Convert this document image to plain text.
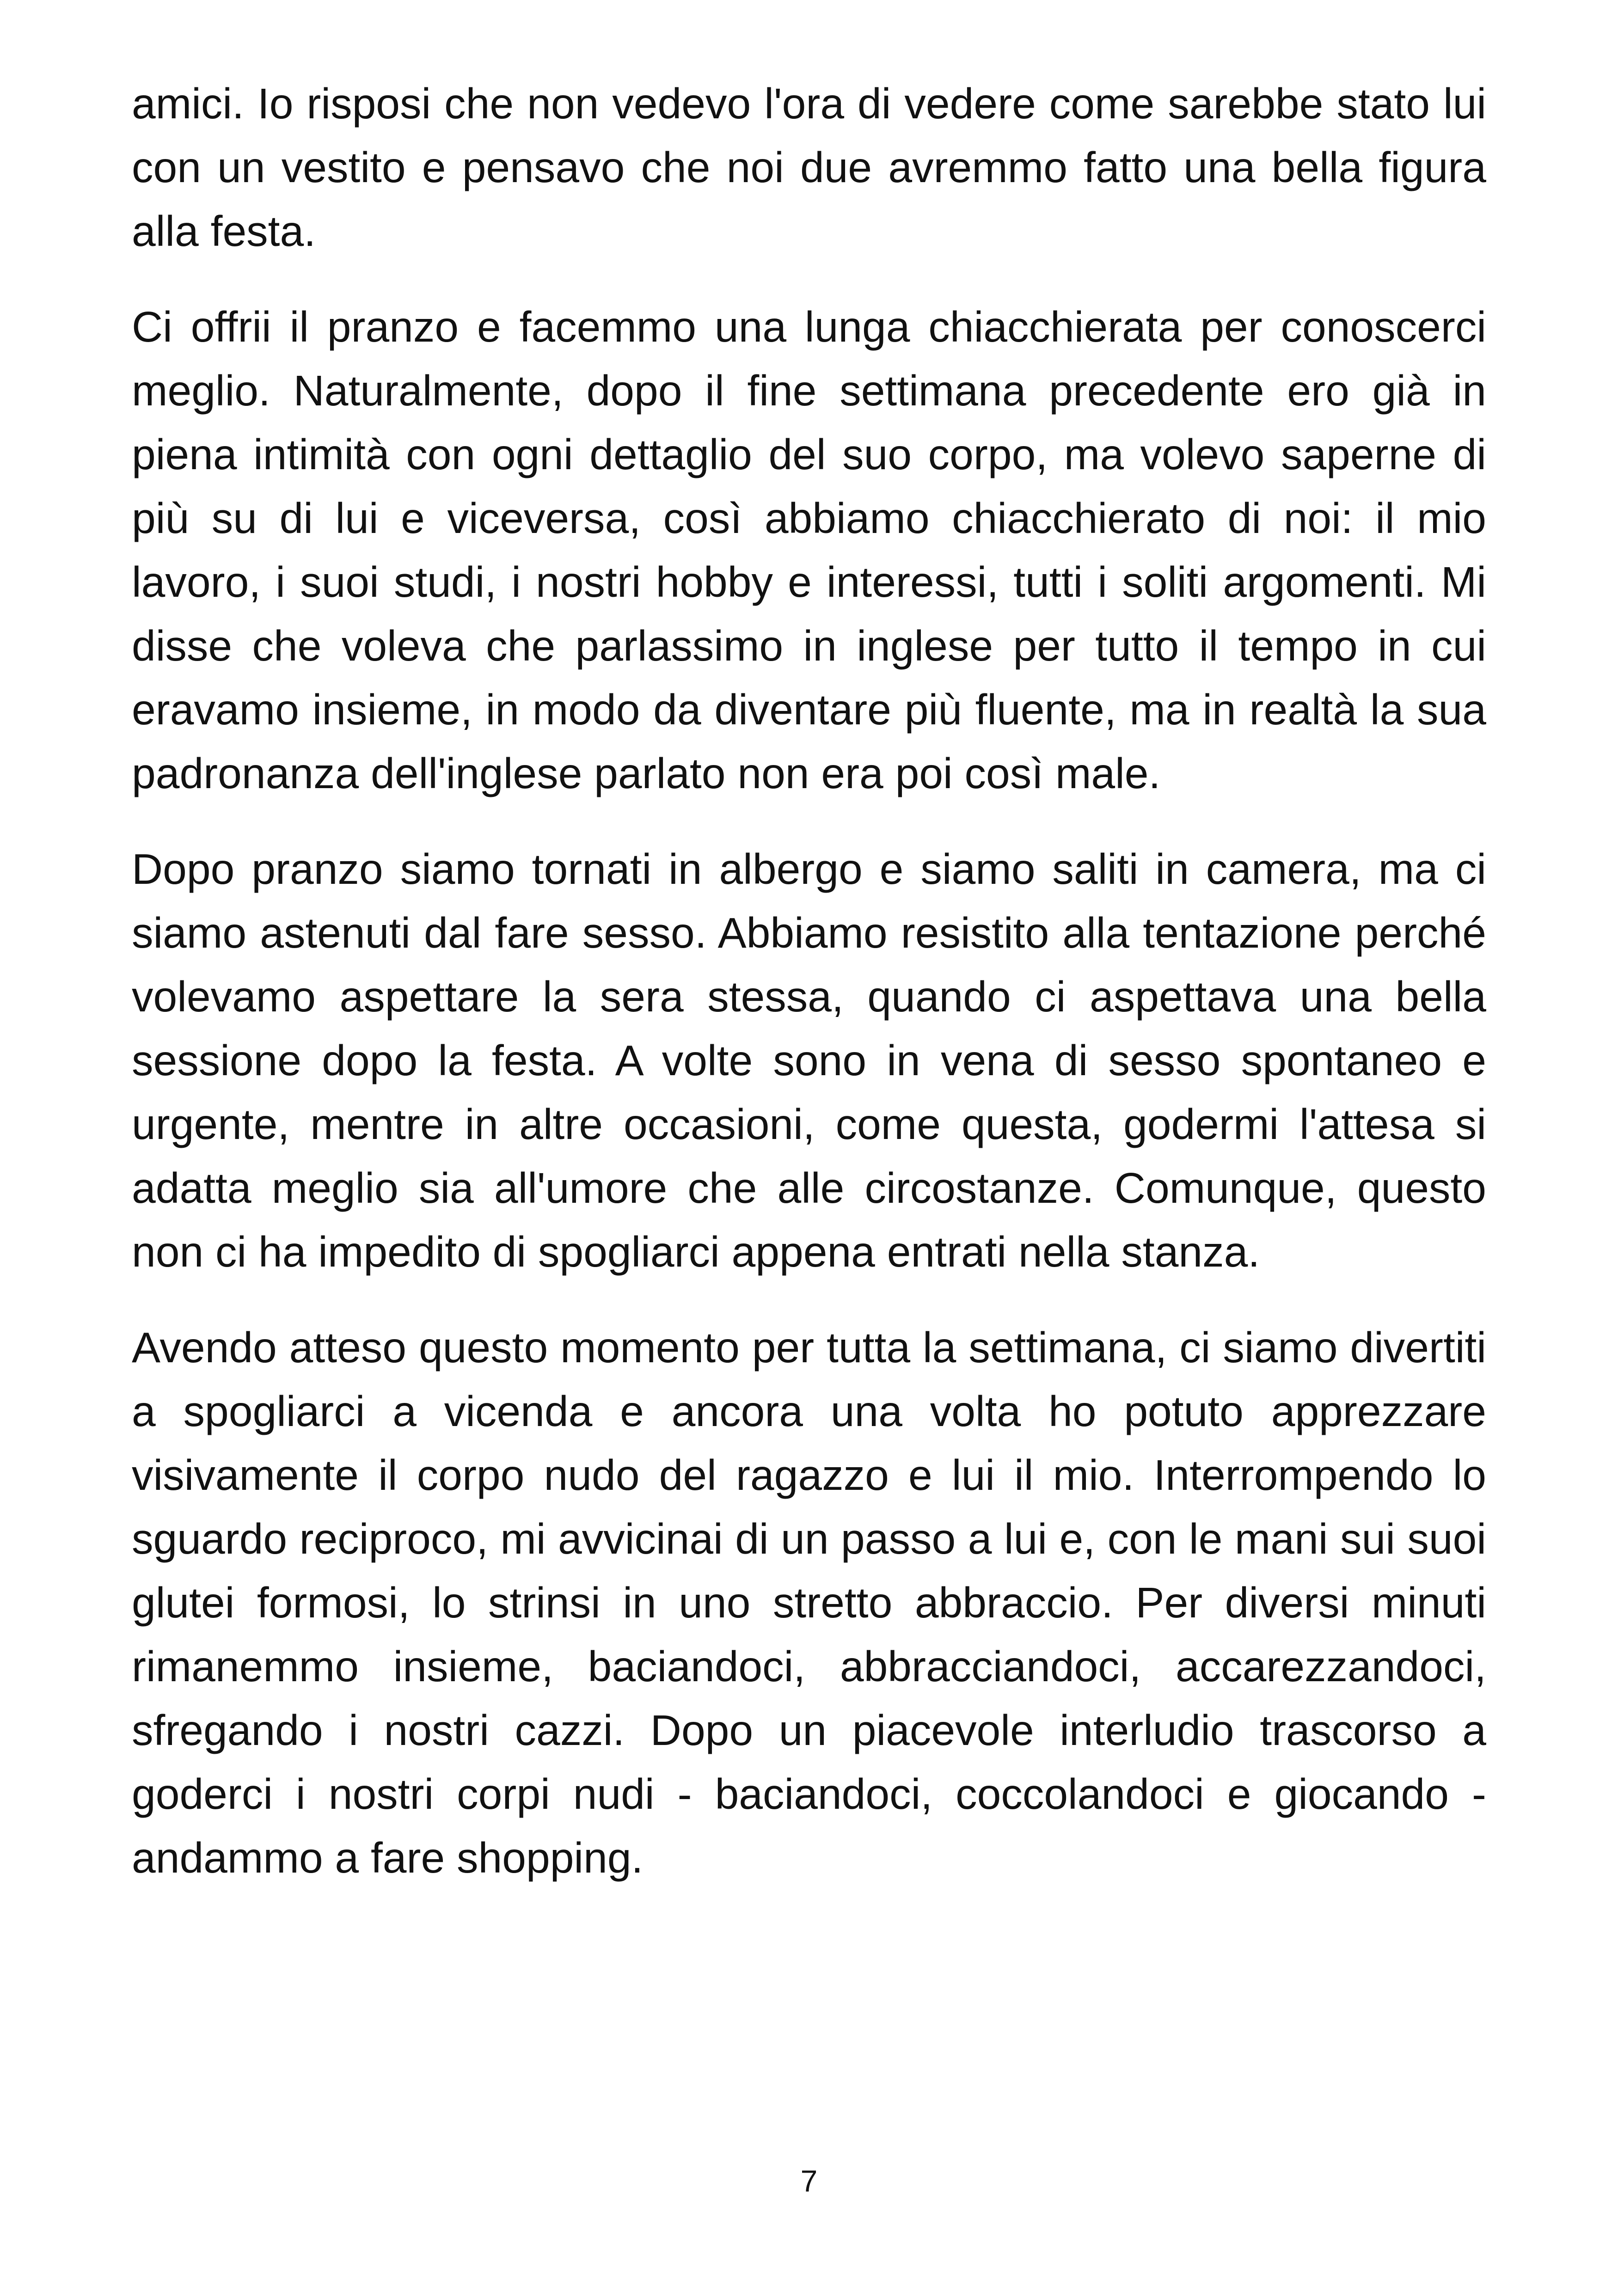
amici. Io risposi che non vedevo l'ora di vedere come sarebbe stato lui con un vestito e pensavo che noi due avremmo fatto una bella figura alla festa.

Ci offrii il pranzo e facemmo una lunga chiacchierata per conoscerci meglio. Naturalmente, dopo il fine settimana precedente ero già in piena intimità con ogni dettaglio del suo corpo, ma volevo saperne di più su di lui e viceversa, così abbiamo chiacchierato di noi: il mio lavoro, i suoi studi, i nostri hobby e interessi, tutti i soliti argomenti. Mi disse che voleva che parlassimo in inglese per tutto il tempo in cui eravamo insieme, in modo da diventare più fluente, ma in realtà la sua padronanza dell'inglese parlato non era poi così male.

Dopo pranzo siamo tornati in albergo e siamo saliti in camera, ma ci siamo astenuti dal fare sesso. Abbiamo resistito alla tentazione perché volevamo aspettare la sera stessa, quando ci aspettava una bella sessione dopo la festa. A volte sono in vena di sesso spontaneo e urgente, mentre in altre occasioni, come questa, godermi l'attesa si adatta meglio sia all'umore che alle circostanze. Comunque, questo non ci ha impedito di spogliarci appena entrati nella stanza.

Avendo atteso questo momento per tutta la settimana, ci siamo divertiti a spogliarci a vicenda e ancora una volta ho potuto apprezzare visivamente il corpo nudo del ragazzo e lui il mio. Interrompendo lo sguardo reciproco, mi avvicinai di un passo a lui e, con le mani sui suoi glutei formosi, lo strinsi in uno stretto abbraccio. Per diversi minuti rimanemmo insieme, baciandoci, abbracciandoci, accarezzandoci, sfregando i nostri cazzi. Dopo un piacevole interludio trascorso a goderci i nostri corpi nudi - baciandoci, coccolandoci e giocando - andammo a fare shopping.

7
